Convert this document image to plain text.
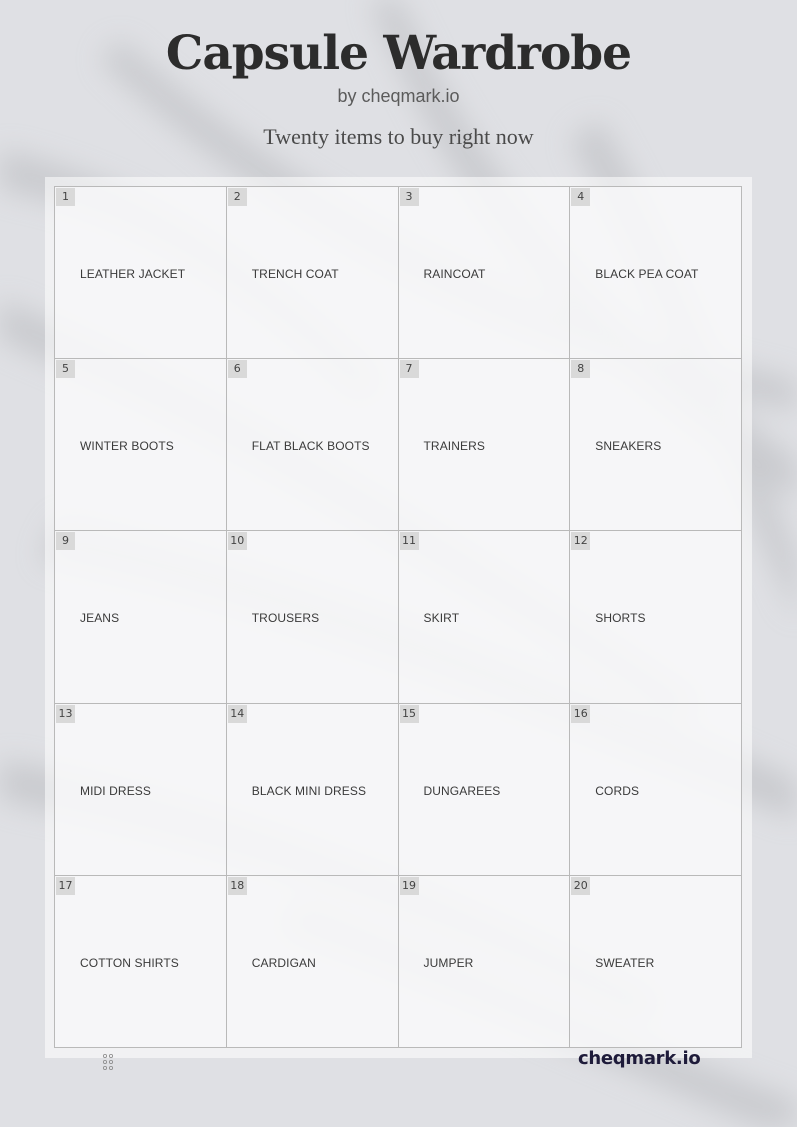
Capsule Wardrobe
by cheqmark.io
Twenty items to buy right now
1
LEATHER JACKET
2
TRENCH COAT
3
RAINCOAT
4
BLACK PEA COAT
5
WINTER BOOTS
6
FLAT BLACK BOOTS
7
TRAINERS
8
SNEAKERS
9
JEANS
10
TROUSERS
11
SKIRT
12
SHORTS
13
MIDI DRESS
14
BLACK MINI DRESS
15
DUNGAREES
16
CORDS
17
COTTON SHIRTS
18
CARDIGAN
19
JUMPER
20
SWEATER
cheqmark.io
